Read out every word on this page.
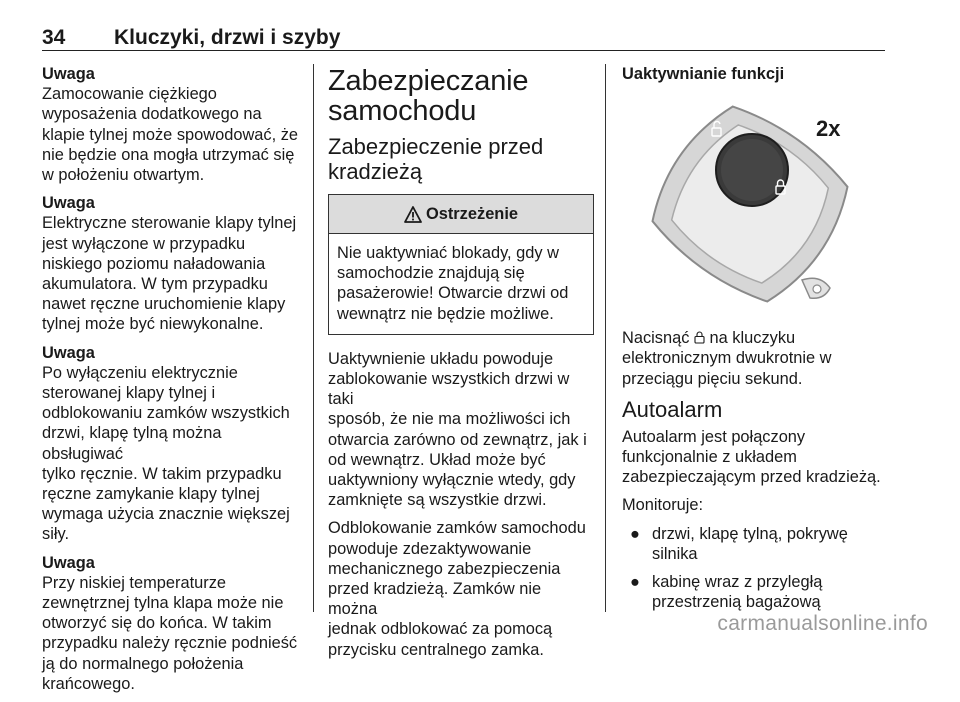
34 Kluczyki, drzwi i szyby

Uwaga

Zamocowanie ciężkiego
wyposażenia dodatkowego na
klapie tylnej może spowodować, że
nie będzie ona mogła utrzymać się
w położeniu otwartym.

Uwaga

Elektryczne sterowanie klapy tylnej
jest wyłączone w przypadku
niskiego poziomu naładowania
akumulatora. W tym przypadku
nawet ręczne uruchomienie klapy
tylnej może być niewykonalne.

Uwaga

Po wyłączeniu elektrycznie
sterowanej klapy tylnej i
odblokowaniu zamków wszystkich
drzwi, klapę tylną można obsługiwać
tylko ręcznie. W takim przypadku
ręczne zamykanie klapy tylnej
wymaga użycia znacznie większej
siły.

Uwaga

Przy niskiej temperaturze
zewnętrznej tylna klapa może nie
otworzyć się do końca. W takim
przypadku należy ręcznie podnieść
ją do normalnego położenia
krańcowego.

Zabezpieczanie
samochodu
Zabezpieczenie przed
kradzieżą
Ostrzeżenie
Nie uaktywniać blokady, gdy w
samochodzie znajdują się
pasażerowie! Otwarcie drzwi od
wewnątrz nie będzie możliwe.

Uaktywnienie układu powoduje
zablokowanie wszystkich drzwi w taki
sposób, że nie ma możliwości ich
otwarcia zarówno od zewnątrz, jak i
od wewnątrz. Układ może być
uaktywniony wyłącznie wtedy, gdy
zamknięte są wszystkie drzwi.

Odblokowanie zamków samochodu
powoduje zdezaktywowanie
mechanicznego zabezpieczenia
przed kradzieżą. Zamków nie można
jednak odblokować za pomocą
przycisku centralnego zamka.

Uaktywnianie funkcji

2x

Nacisnąć  na kluczyku
elektronicznym dwukrotnie w
przeciągu pięciu sekund.

Autoalarm

Autoalarm jest połączony
funkcjonalnie z układem
zabezpieczającym przed kradzieżą.

Monitoruje:

● drzwi, klapę tylną, pokrywę
silnika
● kabinę wraz z przyległą
przestrzenią bagażową
carmanualsonline.info
